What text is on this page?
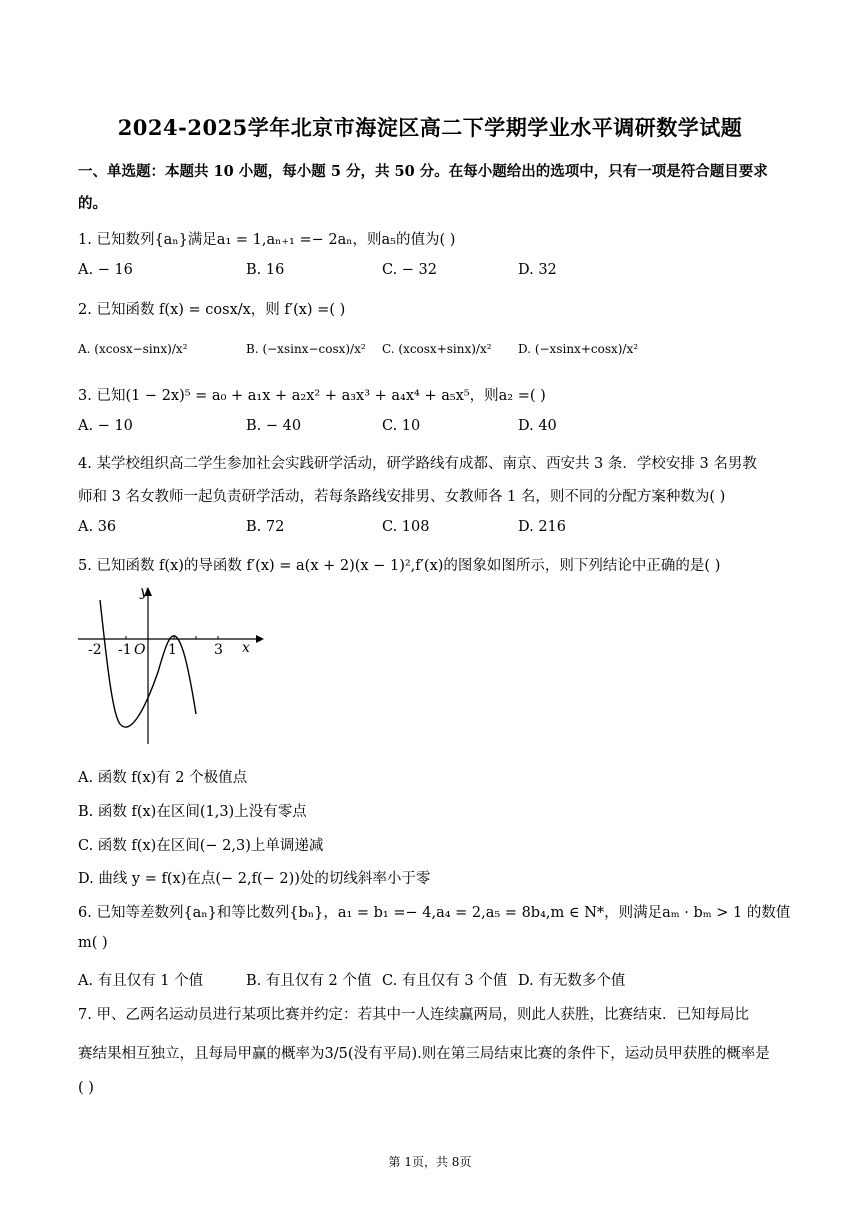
2024-2025学年北京市海淀区高二下学期学业水平调研数学试题
一、单选题：本题共 10 小题，每小题 5 分，共 50 分。在每小题给出的选项中，只有一项是符合题目要求
的。
1. 已知数列{aₙ}满足a₁ = 1,aₙ₊₁ =− 2aₙ，则a₅的值为( )
A. − 16	B. 16	C. − 32	D. 32
2. 已知函数 f(x) = cosx/x，则 f′(x) =( )
A. (xcosx−sinx)/x²	B. (−xsinx−cosx)/x² C. (xcosx+sinx)/x² D. (−xsinx+cosx)/x²
3. 已知(1 − 2x)⁵ = a₀ + a₁x + a₂x² + a₃x³ + a₄x⁴ + a₅x⁵，则a₂ =( )
A. − 10	B. − 40	C. 10	D. 40
4. 某学校组织高二学生参加社会实践研学活动，研学路线有成都、南京、西安共 3 条．学校安排 3 名男教
师和 3 名女教师一起负责研学活动，若每条路线安排男、女教师各 1 名，则不同的分配方案种数为( )
A. 36	B. 72	C. 108	D. 216
5. 已知函数 f(x)的导函数 f′(x) = a(x + 2)(x − 1)²,f′(x)的图象如图所示，则下列结论中正确的是( )
y
x
O
-2 -1	1	3
A. 函数 f(x)有 2 个极值点
B. 函数 f(x)在区间(1,3)上没有零点
C. 函数 f(x)在区间(− 2,3)上单调递减
D. 曲线 y = f(x)在点(− 2,f(− 2))处的切线斜率小于零
6. 已知等差数列{aₙ}和等比数列{bₙ}，a₁ = b₁ =− 4,a₄ = 2,a₅ = 8b₄,m ∈ N*，则满足aₘ · bₘ > 1 的数值
m( )
A. 有且仅有 1 个值	B. 有且仅有 2 个值 C. 有且仅有 3 个值 D. 有无数多个值
7. 甲、乙两名运动员进行某项比赛并约定：若其中一人连续赢两局，则此人获胜，比赛结束．已知每局比
赛结果相互独立，且每局甲赢的概率为3/5(没有平局).则在第三局结束比赛的条件下，运动员甲获胜的概率是
( )
第 1页，共 8页
